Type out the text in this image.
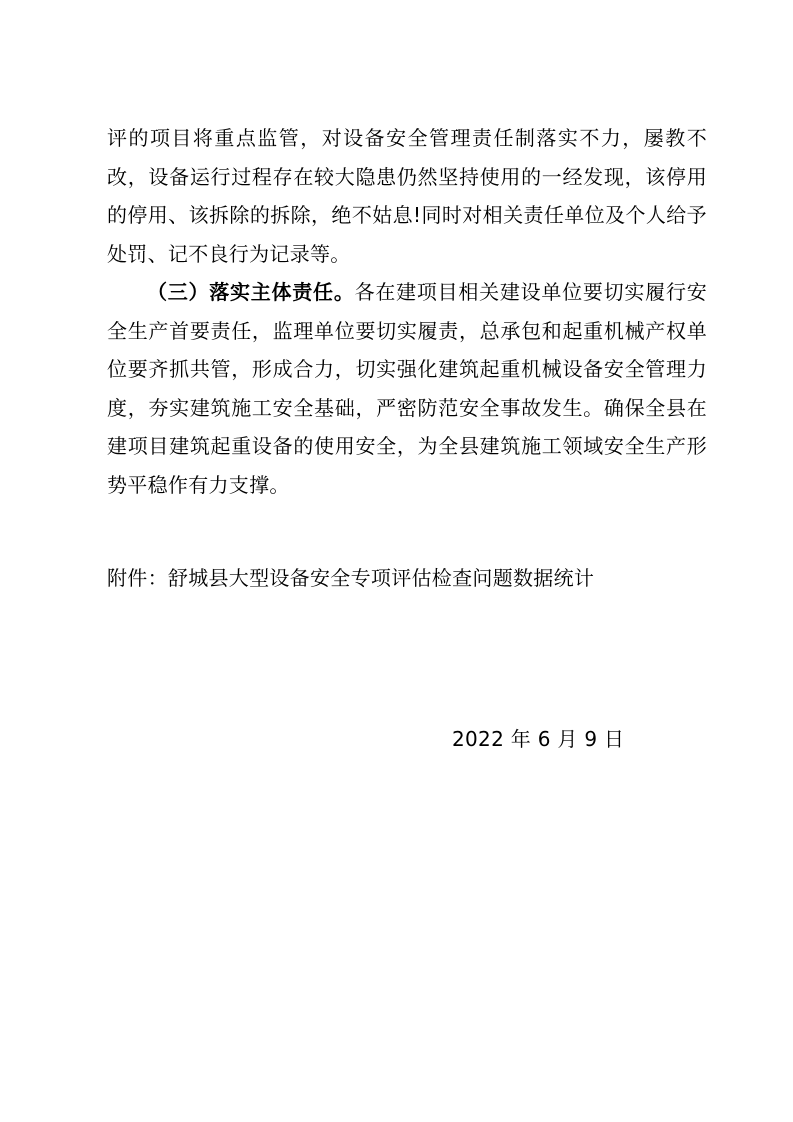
评的项目将重点监管，对设备安全管理责任制落实不力，屡教不改，设备运行过程存在较大隐患仍然坚持使用的一经发现，该停用的停用、该拆除的拆除，绝不姑息!同时对相关责任单位及个人给予处罚、记不良行为记录等。

（三）落实主体责任。各在建项目相关建设单位要切实履行安全生产首要责任，监理单位要切实履责，总承包和起重机械产权单位要齐抓共管，形成合力，切实强化建筑起重机械设备安全管理力度，夯实建筑施工安全基础，严密防范安全事故发生。确保全县在建项目建筑起重设备的使用安全，为全县建筑施工领域安全生产形势平稳作有力支撑。

附件：舒城县大型设备安全专项评估检查问题数据统计
2022 年 6 月 9 日
